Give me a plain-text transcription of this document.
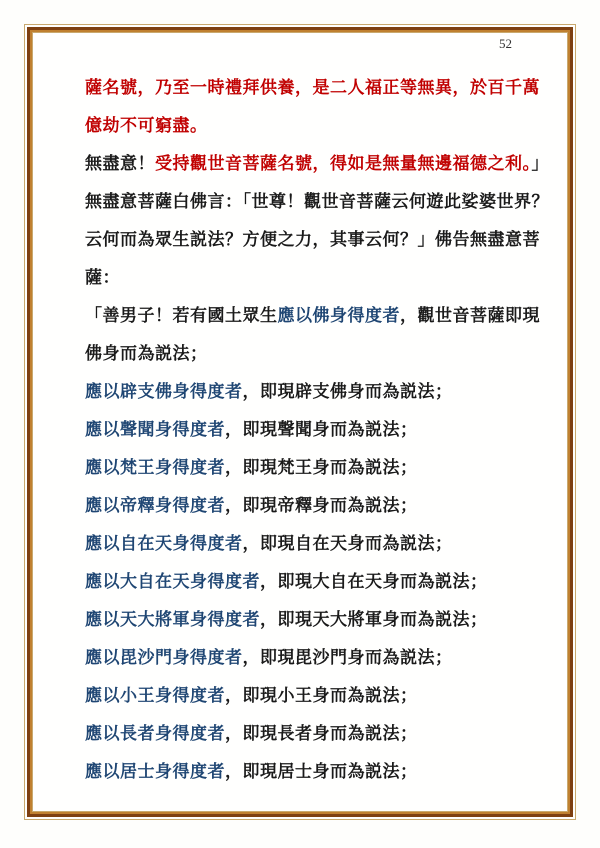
52
薩名號，乃至一時禮拜供養，是二人福正等無異，於百千萬
億劫不可窮盡。
無盡意！受持觀世音菩薩名號，得如是無量無邊福德之利。」
無盡意菩薩白佛言：「世尊！觀世音菩薩云何遊此娑婆世界？
云何而為眾生説法？方便之力，其事云何？」佛告無盡意菩
薩：
「善男子！若有國土眾生應以佛身得度者，觀世音菩薩即現
佛身而為説法；
應以辟支佛身得度者，即現辟支佛身而為説法；
應以聲聞身得度者，即現聲聞身而為説法；
應以梵王身得度者，即現梵王身而為説法；
應以帝釋身得度者，即現帝釋身而為説法；
應以自在天身得度者，即現自在天身而為説法；
應以大自在天身得度者，即現大自在天身而為説法；
應以天大將軍身得度者，即現天大將軍身而為説法；
應以毘沙門身得度者，即現毘沙門身而為説法；
應以小王身得度者，即現小王身而為説法；
應以長者身得度者，即現長者身而為説法；
應以居士身得度者，即現居士身而為説法；
